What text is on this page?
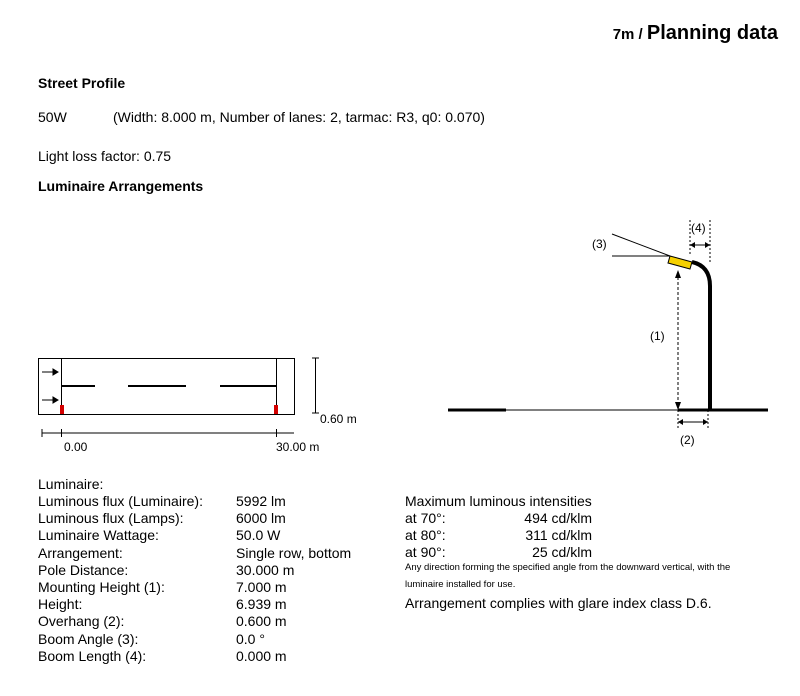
7m / Planning data
Street Profile
50W	(Width: 8.000 m, Number of lanes: 2, tarmac: R3, q0: 0.070)
Light loss factor: 0.75
Luminaire Arrangements
0.60 m
0.00	30.00 m
(3)
(4)
(1)
(2)
Luminaire:
Luminous flux (Luminaire):
Luminous flux (Lamps):
Luminaire Wattage:
Arrangement:
Pole Distance:
Mounting Height (1):
Height:
Overhang (2):
Boom Angle (3):
Boom Length (4):
5992 lm
6000 lm
50.0 W
Single row, bottom
30.000 m
7.000 m
6.939 m
0.600 m
0.0 °
0.000 m
Maximum luminous intensities
at 70°:
at 80°:
at 90°:
494 cd/klm
311 cd/klm
25 cd/klm
Any direction forming the specified angle from the downward vertical, with the
luminaire installed for use.
Arrangement complies with glare index class D.6.
